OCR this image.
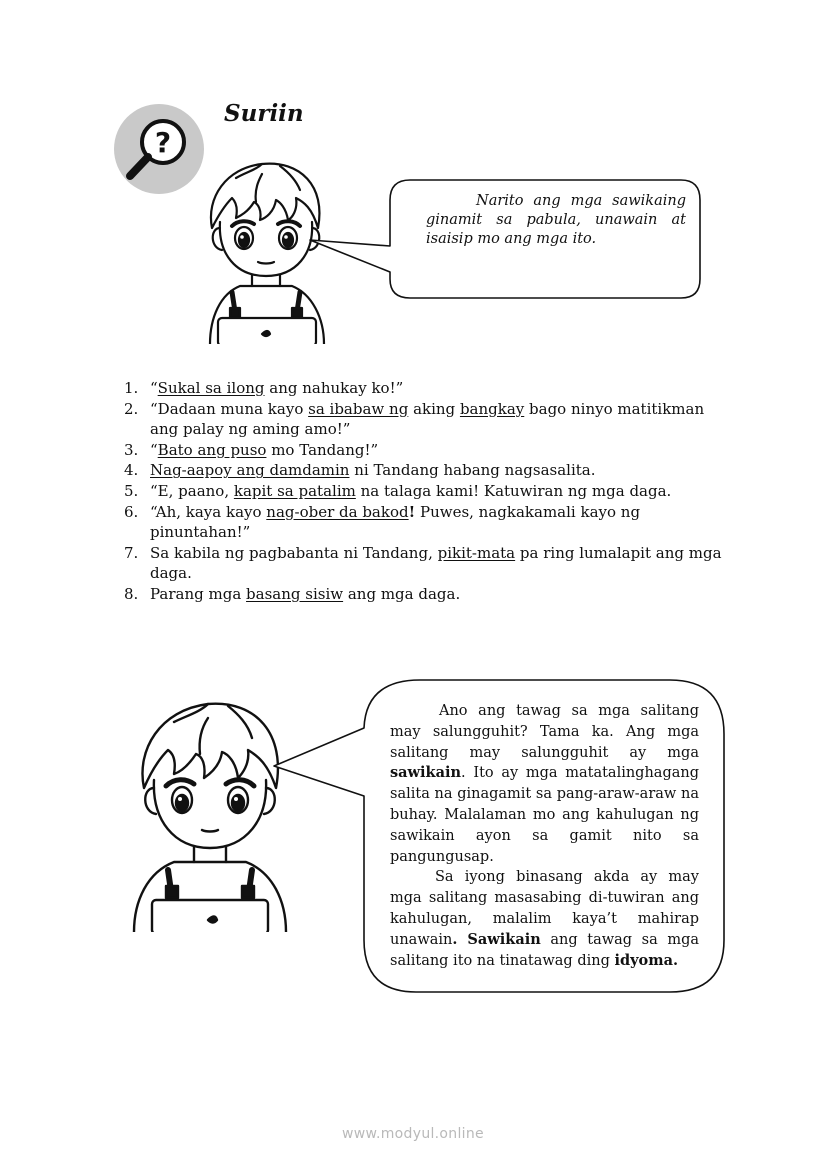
?
Suriin
Narito ang mga sawikaing ginamit sa pabula, unawain at isaisip mo ang mga ito.
1. “Sukal sa ilong ang nahukay ko!”
2. “Dadaan muna kayo sa ibabaw ng aking bangkay bago ninyo matitikman ang palay ng aming amo!”
3. “Bato ang puso mo Tandang!”
4. Nag-aapoy ang damdamin ni Tandang habang nagsasalita.
5. “E, paano, kapit sa patalim na talaga kami! Katuwiran ng mga daga.
6. “Ah, kaya kayo nag-ober da bakod! Puwes, nagkakamali kayo ng pinuntahan!”
7. Sa kabila ng pagbabanta ni Tandang, pikit-mata pa ring lumalapit ang mga daga.
8. Parang mga basang sisiw ang mga daga.

Ano ang tawag sa mga salitang may salungguhit? Tama ka. Ang mga salitang may salungguhit ay mga sawikain. Ito ay mga matatalinghagang salita na ginagamit sa pang-araw-araw na buhay. Malalaman mo ang kahulugan ng sawikain ayon sa gamit nito sa pangungusap.

Sa iyong binasang akda ay may mga salitang masasabing di-tuwiran ang kahulugan, malalim kaya’t mahirap unawain. Sawikain ang tawag sa mga salitang ito na tinatawag ding idyoma.

www.modyul.online
